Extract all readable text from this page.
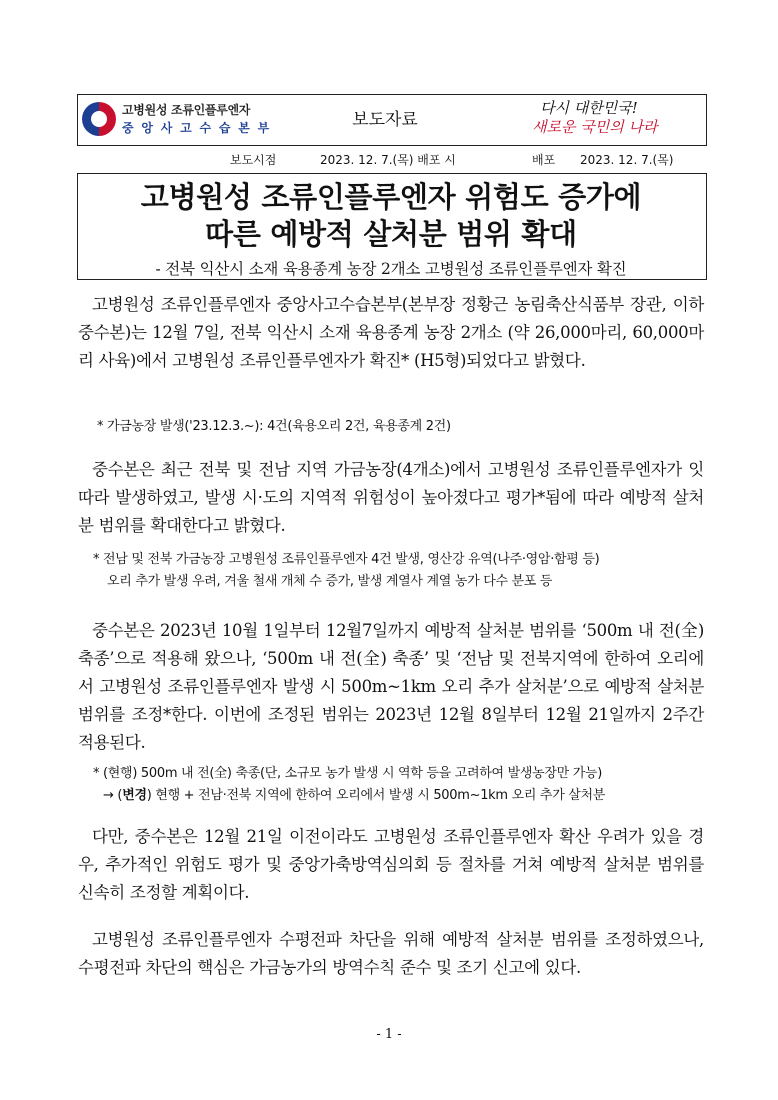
고병원성 조류인플루엔자
중 앙 사 고 수 습 본 부	보도자료
다시 대한민국!
새로운 국민의 나라
보도시점	2023. 12. 7.(목) 배포 시	배포 2023. 12. 7.(목)
고병원성 조류인플루엔자 위험도 증가에
따른 예방적 살처분 범위 확대
- 전북 익산시 소재 육용종계 농장 2개소 고병원성 조류인플루엔자 확진
고병원성 조류인플루엔자 중앙사고수습본부(본부장 정황근 농림축산식품부 장관, 이하 중수본)는 12월 7일, 전북 익산시 소재 육용종계 농장 2개소 (약 26,000마리, 60,000마리 사육)에서 고병원성 조류인플루엔자가 확진* (H5형)되었다고 밝혔다.
* 가금농장 발생('23.12.3.~): 4건(육용오리 2건, 육용종계 2건)
중수본은 최근 전북 및 전남 지역 가금농장(4개소)에서 고병원성 조류인플루엔자가 잇따라 발생하였고, 발생 시·도의 지역적 위험성이 높아졌다고 평가*됨에 따라 예방적 살처분 범위를 확대한다고 밝혔다.
* 전남 및 전북 가금농장 고병원성 조류인플루엔자 4건 발생, 영산강 유역(나주·영암·함평 등)
오리 추가 발생 우려, 겨울 철새 개체 수 증가, 발생 계열사 계열 농가 다수 분포 등
중수본은 2023년 10월 1일부터 12월7일까지 예방적 살처분 범위를 ‘500m 내 전(全) 축종’으로 적용해 왔으나, ‘500m 내 전(全) 축종’ 및 ‘전남 및 전북지역에 한하여 오리에서 고병원성 조류인플루엔자 발생 시 500m~1km 오리 추가 살처분’으로 예방적 살처분 범위를 조정*한다. 이번에 조정된 범위는 2023년 12월 8일부터 12월 21일까지 2주간 적용된다.
* (현행) 500m 내 전(全) 축종(단, 소규모 농가 발생 시 역학 등을 고려하여 발생농장만 가능)
→ (변경) 현행 + 전남·전북 지역에 한하여 오리에서 발생 시 500m~1km 오리 추가 살처분
다만, 중수본은 12월 21일 이전이라도 고병원성 조류인플루엔자 확산 우려가 있을 경우, 추가적인 위험도 평가 및 중앙가축방역심의회 등 절차를 거쳐 예방적 살처분 범위를 신속히 조정할 계획이다.
고병원성 조류인플루엔자 수평전파 차단을 위해 예방적 살처분 범위를 조정하였으나, 수평전파 차단의 핵심은 가금농가의 방역수칙 준수 및 조기 신고에 있다.
- 1 -
